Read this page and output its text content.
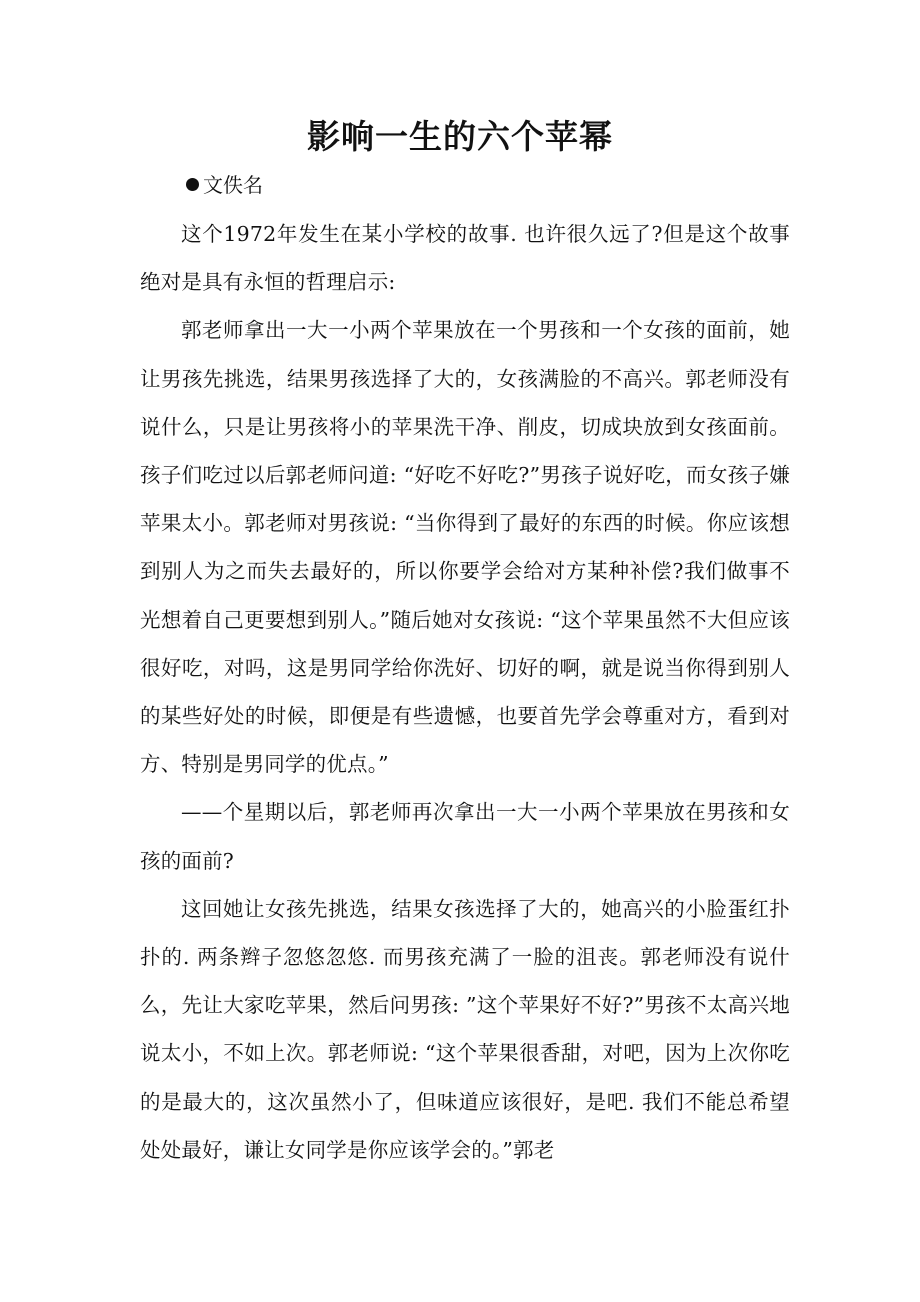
影响一生的六个苹幂
文佚名

这个1972年发生在某小学校的故事. 也许很久远了?但是这个故事绝对是具有永恒的哲理启示:

郭老师拿出一大一小两个苹果放在一个男孩和一个女孩的面前，她让男孩先挑选，结果男孩选择了大的，女孩满脸的不高兴。郭老师没有说什么，只是让男孩将小的苹果洗干净、削皮，切成块放到女孩面前。孩子们吃过以后郭老师问道: “好吃不好吃?”男孩子说好吃，而女孩子嫌苹果太小。郭老师对男孩说: “当你得到了最好的东西的时候。你应该想到别人为之而失去最好的，所以你要学会给对方某种补偿?我们做事不光想着自己更要想到别人。”随后她对女孩说: “这个苹果虽然不大但应该很好吃，对吗，这是男同学给你洗好、切好的啊，就是说当你得到别人的某些好处的时候，即便是有些遗憾，也要首先学会尊重对方，看到对方、特别是男同学的优点。”

——个星期以后，郭老师再次拿出一大一小两个苹果放在男孩和女孩的面前?

这回她让女孩先挑选，结果女孩选择了大的，她高兴的小脸蛋红扑扑的. 两条辫子忽悠忽悠. 而男孩充满了一脸的沮丧。郭老师没有说什么，先让大家吃苹果，然后问男孩: ”这个苹果好不好?”男孩不太高兴地说太小，不如上次。郭老师说: “这个苹果很香甜，对吧，因为上次你吃的是最大的，这次虽然小了，但味道应该很好，是吧. 我们不能总希望处处最好，谦让女同学是你应该学会的。”郭老
